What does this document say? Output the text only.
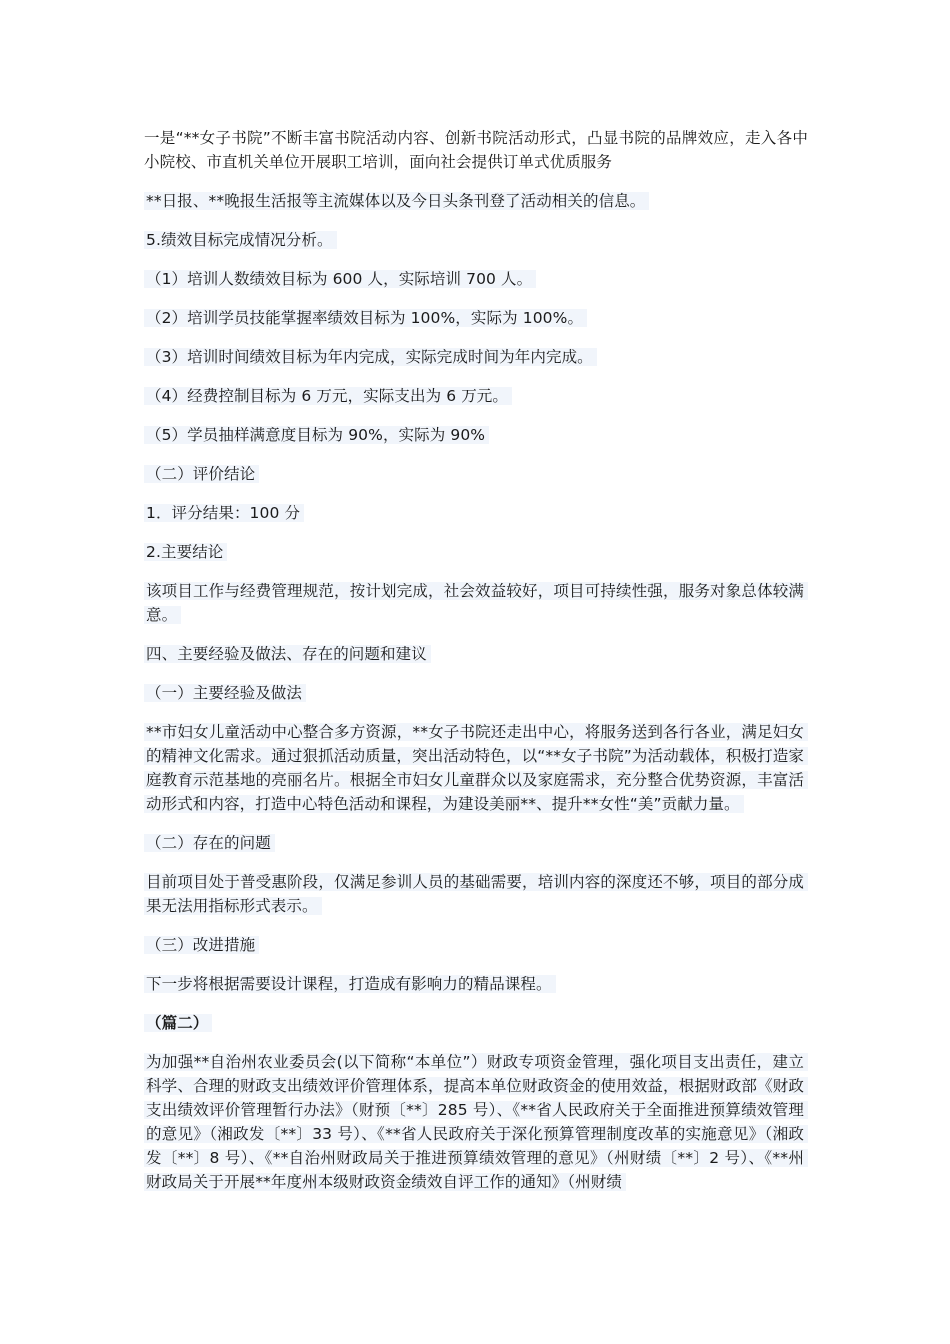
一是“**女子书院”不断丰富书院活动内容、创新书院活动形式，凸显书院的品牌效应，走入各中小院校、市直机关单位开展职工培训，面向社会提供订单式优质服务

**日报、**晚报生活报等主流媒体以及今日头条刊登了活动相关的信息。

5.绩效目标完成情况分析。

（1）培训人数绩效目标为 600 人，实际培训 700 人。

（2）培训学员技能掌握率绩效目标为 100%，实际为 100%。

（3）培训时间绩效目标为年内完成，实际完成时间为年内完成。

（4）经费控制目标为 6 万元，实际支出为 6 万元。

（5）学员抽样满意度目标为 90%，实际为 90%

（二）评价结论

1．评分结果：100 分

2.主要结论

该项目工作与经费管理规范，按计划完成，社会效益较好，项目可持续性强，服务对象总体较满意。

四、主要经验及做法、存在的问题和建议

（一）主要经验及做法

**市妇女儿童活动中心整合多方资源，**女子书院还走出中心，将服务送到各行各业，满足妇女的精神文化需求。通过狠抓活动质量，突出活动特色，以“**女子书院”为活动载体，积极打造家庭教育示范基地的亮丽名片。根据全市妇女儿童群众以及家庭需求，充分整合优势资源，丰富活动形式和内容，打造中心特色活动和课程，为建设美丽**、提升**女性“美”贡献力量。

（二）存在的问题

目前项目处于普受惠阶段，仅满足参训人员的基础需要，培训内容的深度还不够，项目的部分成果无法用指标形式表示。

（三）改进措施

下一步将根据需要设计课程，打造成有影响力的精品课程。

（篇二）

为加强**自治州农业委员会(以下简称“本单位”）财政专项资金管理，强化项目支出责任，建立科学、合理的财政支出绩效评价管理体系，提高本单位财政资金的使用效益，根据财政部《财政支出绩效评价管理暂行办法》（财预〔**〕285 号）、《**省人民政府关于全面推进预算绩效管理的意见》（湘政发〔**〕33 号）、《**省人民政府关于深化预算管理制度改革的实施意见》（湘政发〔**〕8 号）、《**自治州财政局关于推进预算绩效管理的意见》（州财绩〔**〕2 号）、《**州财政局关于开展**年度州本级财政资金绩效自评工作的通知》（州财绩
